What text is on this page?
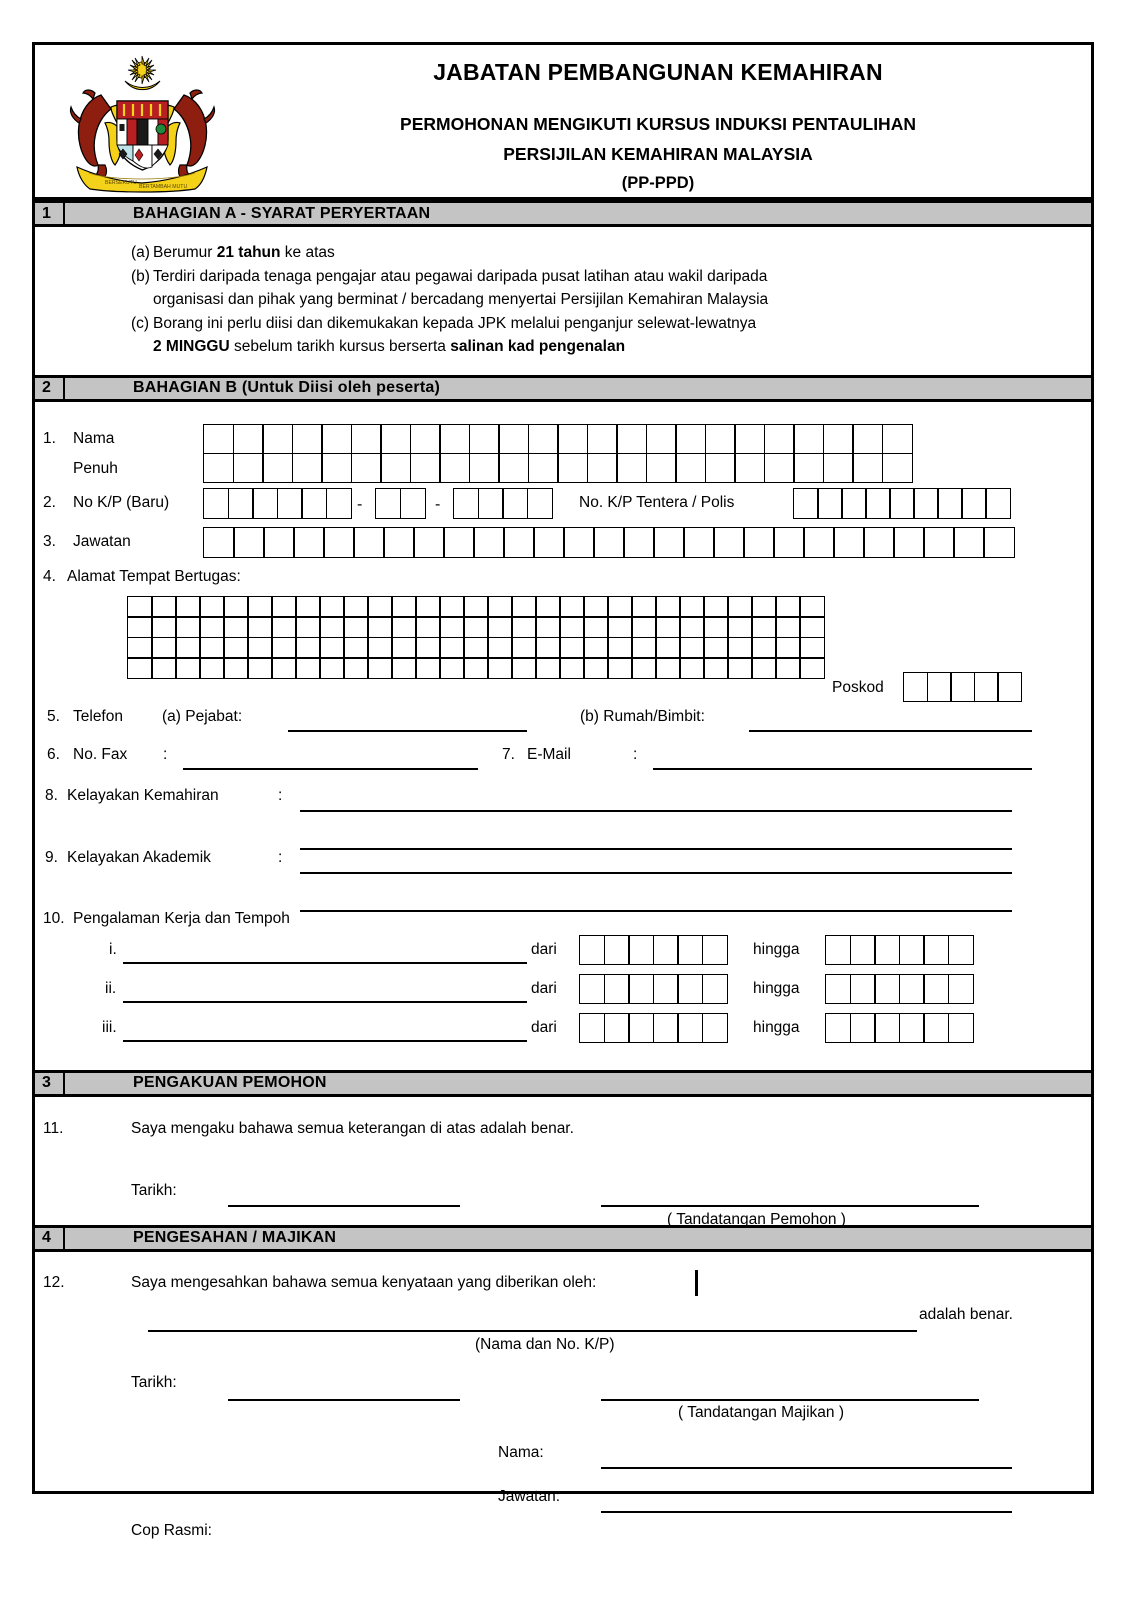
BERSEKUTU
BERTAMBAH MUTU
JABATAN PEMBANGUNAN KEMAHIRAN
PERMOHONAN MENGIKUTI KURSUS INDUKSI PENTAULIHAN
PERSIJILAN KEMAHIRAN MALAYSIA
(PP-PPD)
1	BAHAGIAN A - SYARAT PERYERTAAN
(a) Berumur 21 tahun ke atas
(b) Terdiri daripada tenaga pengajar atau pegawai daripada pusat latihan atau wakil daripada
organisasi dan pihak yang berminat / bercadang menyertai Persijilan Kemahiran Malaysia
(c) Borang ini perlu diisi dan dikemukakan kepada JPK melalui penganjur selewat-lewatnya
2 MINGGU sebelum tarikh kursus berserta salinan kad pengenalan
2	BAHAGIAN B (Untuk Diisi oleh peserta)
1. Nama
Penuh
2. No K/P (Baru)	-	-	No. K/P Tentera / Polis
3. Jawatan
4. Alamat Tempat Bertugas:
Poskod
5. Telefon	(a) Pejabat:	(b) Rumah/Bimbit:
6. No. Fax :	7. E-Mail	:
8. Kelayakan Kemahiran	:
9. Kelayakan Akademik	:
10. Pengalaman Kerja dan Tempoh
i.	dari	hingga
ii.	dari	hingga
iii.	dari	hingga
3	PENGAKUAN PEMOHON
11.	Saya mengaku bahawa semua keterangan di atas adalah benar.
Tarikh:
( Tandatangan Pemohon )
4	PENGESAHAN / MAJIKAN
12.	Saya mengesahkan bahawa semua kenyataan yang diberikan oleh:
adalah benar.
(Nama dan No. K/P)
Tarikh:
( Tandatangan Majikan )
Nama:
Jawatan:
Cop Rasmi:
